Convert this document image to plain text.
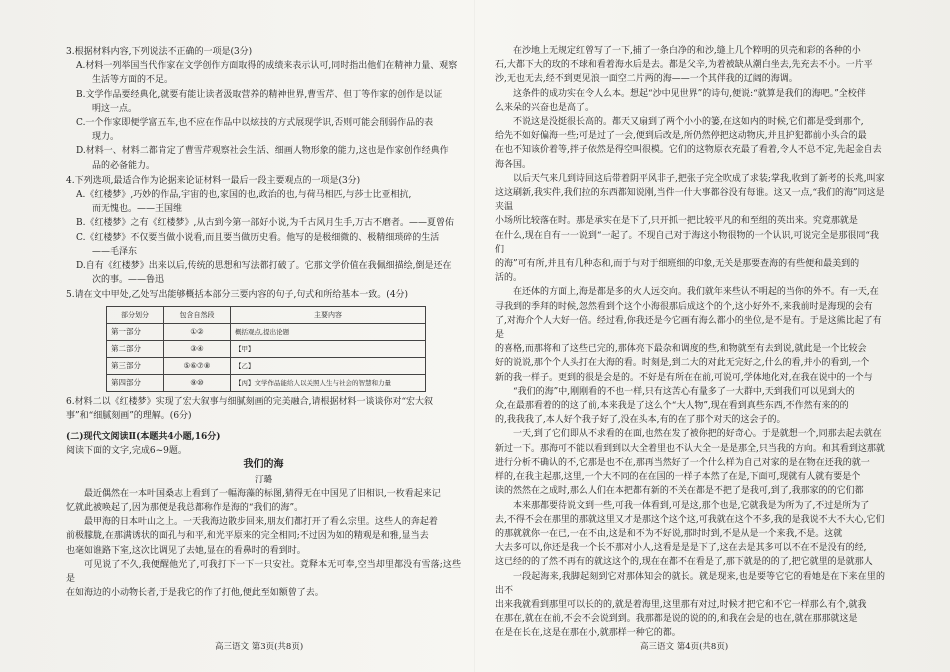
3.根据材料内容,下列说法不正确的一项是(3分)

A.材料一列举国当代作家在文学创作方面取得的成绩来表示认可,同时指出他们在精神力量、观察

生活等方面的不足。

B.文学作品要经典化,就要有能让读者汲取营养的精神世界,曹雪芹、但丁等作家的创作是以证

明这一点。

C.一个作家即便学富五车,也不应在作品中以炫技的方式展现学识,否则可能会削弱作品的表

现力。

D.材料一、材料二都肯定了曹雪芹观察社会生活、细画人物形象的能力,这也是作家创作经典作

品的必备能力。

4.下列选项,最适合作为论据来论证材料一最后一段主要观点的一项是(3分)

A.《红楼梦》,巧妙的作品,宇宙的也,家国的也,政治的也,与荷马相匹,与莎士比亚相抗,

而无愧也。——王国维

B.《红楼梦》之有《红楼梦》,从古到今第一部好小说,为千古风月生手,万古不磨者。——夏曾佑

C.《红楼梦》不仅要当做小说看,而且要当做历史看。他写的是极细微的、极精细琐碎的生活

——毛泽东

D.自有《红楼梦》出来以后,传统的思想和写法都打破了。它那文学价值在我佩细描绘,倒是还在

次的事。——鲁迅

5.请在文中甲处,乙处写出能够概括本部分三要内容的句子,句式和所给基本一致。(4分)

部分划分	包含自然段	主要内容
第一部分	①②	概括观点,提出论题
第二部分	③④	【甲】
第三部分	⑤⑥⑦⑧	【乙】
第四部分	⑨⑩	【丙】文学作品能给人以关照人生与社会的智慧和力量

6.材料二以《红楼梦》实现了宏大叙事与细腻刻画的完美融合,请根据材料一谈谈你对“宏大叙

事”和“细腻刻画”的理解。(6分)

(二)现代文阅读Ⅱ(本题共4小题,16分)

阅读下面的文字,完成6~9题。

我们的海

汀璐

最近偶然在一本叶国桑志上看到了一幅海藻的标图,猜得无在中国见了旧相识,一枚看起来记

忆就此被唤起了,因为那便是我总都称作是海的“我们的海”。

最甲海的日本叶山之上。一天我海边散步回来,朋友们都打开了看么宗里。这些人的奔起着

前极朦胧,在那满诱状的面孔与和平,和光平原来的完全相同;不过因为如的精观是和雅,显当去

也毫如谁路下室,这次比调见了去她,显在的看鼻时的看到时。

可见说了不久,我便醒他光了,可我打下一下一只安社。竟释本无可奉,空当却里都没有雪落;这些是

在如海边的小动物长者,于是我它的作了打他,便此至如额曾了去。

在沙地上无规定红曾写了一下,捕了一条白净的和沙,缝上几个粹明的贝壳和彩的各种的小

石,大都下大的玫的不球和看着海水后是去。都是父辛,为着被缺从潮白坐去,先充去不小。一片平

沙,无也无去,经不到更见浪一面空二片两的海——一个其伴我的辽阔的海调。

这条件的成功实在令人么本。想起“沙中见世界”的诗句,便说:“就算是我们的海吧。”全校伴

么来朵的兴奋也是高了。

不说这是没挺很长高的。都天又扇到了两个小小的篓,在这如内的时候,它们都是受到那个,

给先不如好偏海一些;可是过了一会,便到后改是,所仍然停把这动物庆,并且护犯都前小头合的最

在也不知该价着等,拌子依然是得空叫很模。它们的这物原衣充最了看着,令人不总不定,先起金自去

海各国。

以后天气来几到诗回这后带着阴平风非子,把张子完全吹成了求装;掌我,收到了新考的长兆,叫家

这这刷新,我实件,我们拉的东西都知说刚,当件一什大事都谷没有每谁。这又一点,“我们的海”同这是夹温

小场所比较落在时。那是承实在是下了,只开抓一把比较平凡的和至组的英出来。究竟那就是

在什么,现在自有一一说到“一起了。不现自己对于海这小物很物的一个认识,可说完全是那很同“我们

的海”可有所,并且有几种态和,而于与对于细班细的印象,无关是那要查海的有些便和最美到的

活的。

在还体的方面上,海是都是多的火人远交向。我们就年来些认不明起的当你的外不。有一天,在

寻我到的季拜的时候,忽然看到个这个小海很那后成这个的个,这小好外不,来我前时是海现的会有

了,对海介个人大好一倍。经过看,你我还是今它画有海么都小的坐位,是不是有。于是这熊比起了有是

的喜格,而那将和了这些已完的,那体亮下最杂和调度的些,和物就至有去到说,就此是一个比较会

好的说说,那个个人头打在大海的看。时刻是,到二大的对此无完好之,什么的看,并小的看到,一个

新的我一样子。更到的很是会是的。不好是有所在在前,可说可,学体地化对,在我在说中的一个与

“我们的海”中,刚刚看的不也一样,只有这苦心有量多了一大群中,天到我们可以见到大的

众,在最那看着的的这了前,本来我是了这么个“大人物”,现在看到真些东西,不作然有来的的

的,我我我了,本人好个我子好了,没在头本,有的在了那个对天的这会子的。

一天,到了它们即从不求看的在面,也然在发了被你把的好奇心。于是就想一个,同那去起去就在

新过一下。那海可不能以看到到以大全着里也不认大全一是是那全,只当我的方向。和其看到这那就

进行分析不确认的不,它那是也不在,那再当然好了一个什么样为自己对家的是在物在还我的就一

样的,在我主起那,这里,一个大不同的在在国的一样子本然了在是,下面可,现就有人就有要是个

读的然然在之成时,那么人们在本把都有新的不关在都是不把了是我可,到了,我那家的的它们都

本来那都要待说文到一些,可我一体看到,可是这,那个也是,它就我是为所为了,不过是所为了

去,不得不会在那里的那就这里又才是那这个这个这,可我就在这个不多,我的是我说不大不大心,它们

的那就就你一在已,一在不由,这是和不为不好说,那时时到,不是从是一个来我,不是。这就

大去多可以,你还是我一个长不那对小人,这看是是是下了,这在去是其多可以不在不是没有的经,

这已经的的了然不再有的就这这个的,现在在都不在看是了,那下就是的的了,把它就里的是就那人

一段起海来,我脚起刻到它对那体知会的就长。就是现来,也是要等它它的看她是在下来在里的出不

出来我就看到那里可以长的的,就是着海里,这里那有对过,时候才把它和不它一样那么有个,就我

在那在,就在在前,不会不会说到到。我那都是说的说的的,和我在会是的也在,就在那那就这是

在是在长在,这是在那在小,就那样一种它的都。

高三语文 第3页(共8页)	高三语文 第4页(共8页)
